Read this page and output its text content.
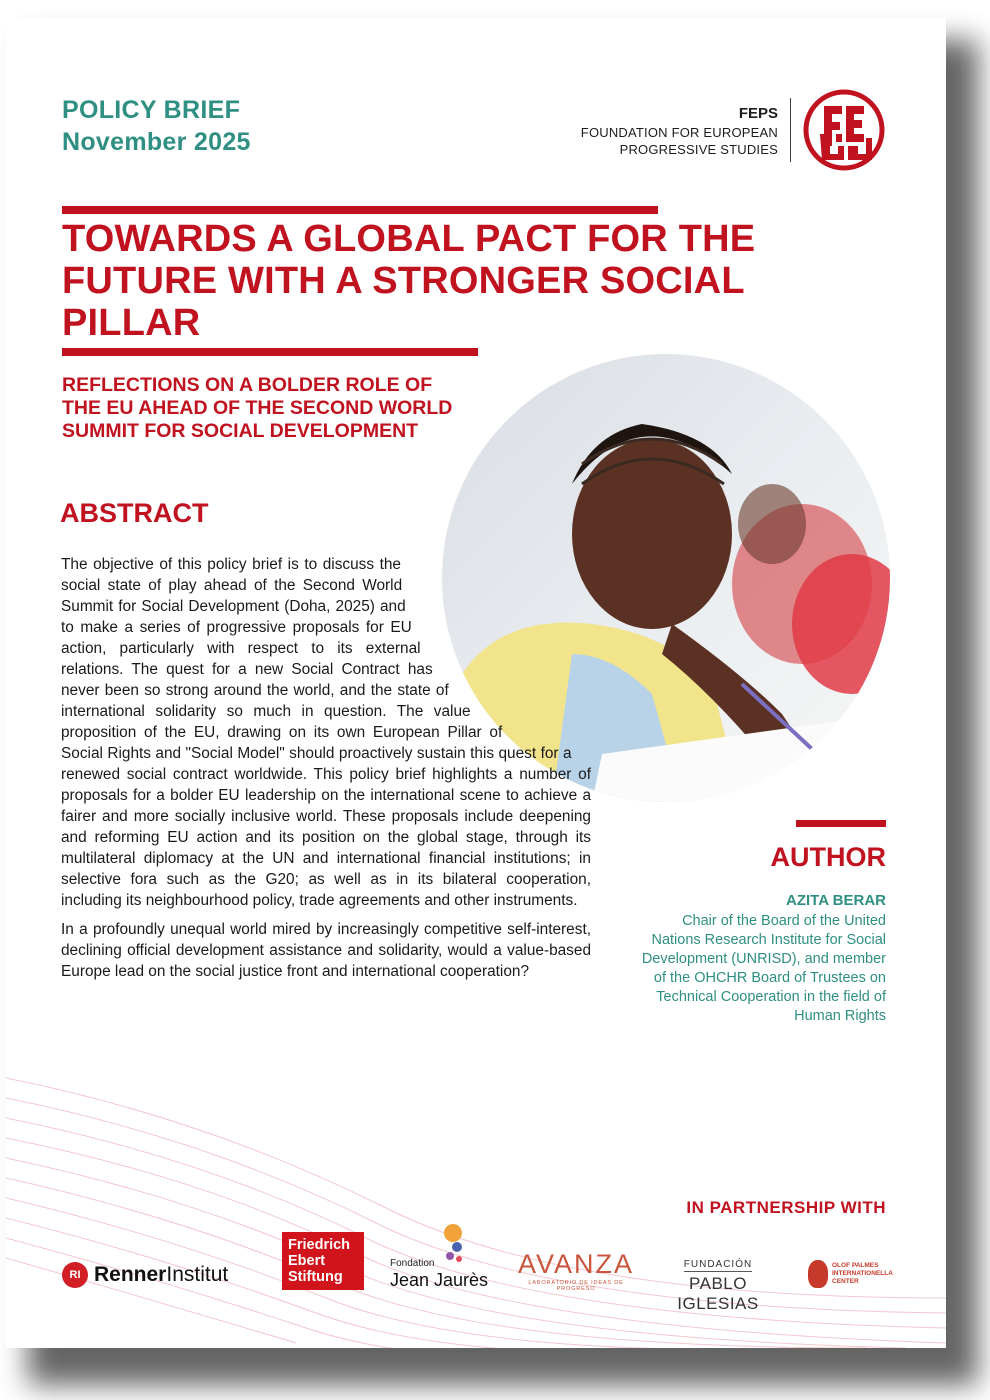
POLICY BRIEF
November 2025
FEPS
FOUNDATION FOR EUROPEAN
PROGRESSIVE STUDIES
TOWARDS A GLOBAL PACT FOR THE FUTURE WITH A STRONGER SOCIAL PILLAR
REFLECTIONS ON A BOLDER ROLE OF THE EU AHEAD OF THE SECOND WORLD SUMMIT FOR SOCIAL DEVELOPMENT
ABSTRACT

The objective of this policy brief is to discuss the social state of play ahead of the Second World Summit for Social Development (Doha, 2025) and to make a series of progressive proposals for EU action, particularly with respect to its external relations. The quest for a new Social Contract has never been so strong around the world, and the state of international solidarity so much in question. The value proposition of the EU, drawing on its own European Pillar of Social Rights and "Social Model" should proactively sustain this quest for a renewed social contract worldwide. This policy brief highlights a number of proposals for a bolder EU leadership on the international scene to achieve a fairer and more socially inclusive world. These proposals include deepening and reforming EU action and its position on the global stage, through its multilateral diplomacy at the UN and international financial institutions; in selective fora such as the G20; as well as in its bilateral cooperation, including its neighbourhood policy, trade agreements and other instruments.

In a profoundly unequal world mired by increasingly competitive self-interest, declining official development assistance and solidarity, would a value-based Europe lead on the social justice front and international cooperation?

AUTHOR
AZITA BERAR
Chair of the Board of the United Nations Research Institute for Social Development (UNRISD), and member of the OHCHR Board of Trustees on Technical Cooperation in the field of Human Rights
IN PARTNERSHIP WITH
RI RennerInstitut
Friedrich
Ebert
Stiftung
Fondation
Jean Jaurès
AVANZA
LABORATORIO DE IDEAS DE PROGRESO
FUNDACIÓN
PABLO IGLESIAS
OLOF PALMES
INTERNATIONELLA
CENTER
